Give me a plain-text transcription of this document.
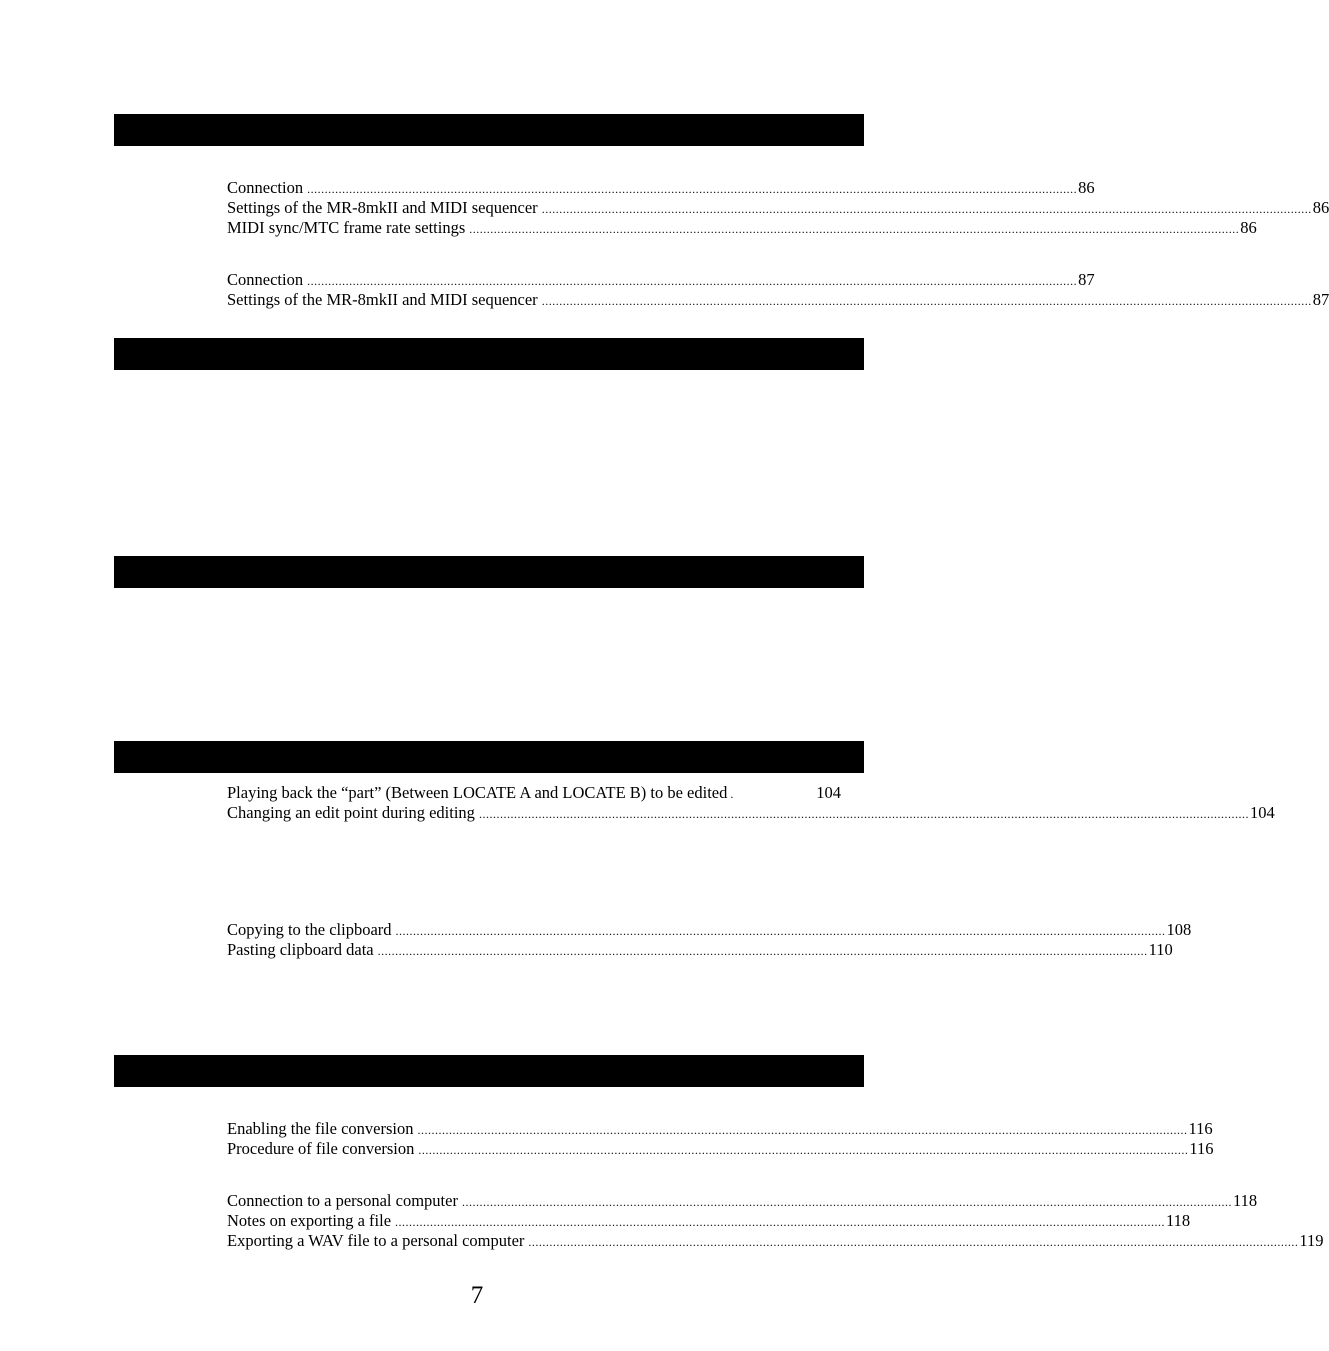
Connection ............................................................................................................................................................................................................................ 86
Settings of the MR-8mkII and MIDI sequencer ............................................................................................................................................................................................................................ 86
MIDI sync/MTC frame rate settings ............................................................................................................................................................................................................................ 86
Connection ............................................................................................................................................................................................................................ 87
Settings of the MR-8mkII and MIDI sequencer ............................................................................................................................................................................................................................ 87
Playing back the “part” (Between LOCATE A and LOCATE B) to be edited .	104
Changing an edit point during editing ............................................................................................................................................................................................................................ 104
Copying to the clipboard ............................................................................................................................................................................................................................ 108
Pasting clipboard data ............................................................................................................................................................................................................................ 110
Enabling the file conversion ............................................................................................................................................................................................................................ 116
Procedure of file conversion ............................................................................................................................................................................................................................ 116
Connection to a personal computer ............................................................................................................................................................................................................................ 118
Notes on exporting a file ............................................................................................................................................................................................................................ 118
Exporting a WAV file to a personal computer ............................................................................................................................................................................................................................ 119
7
